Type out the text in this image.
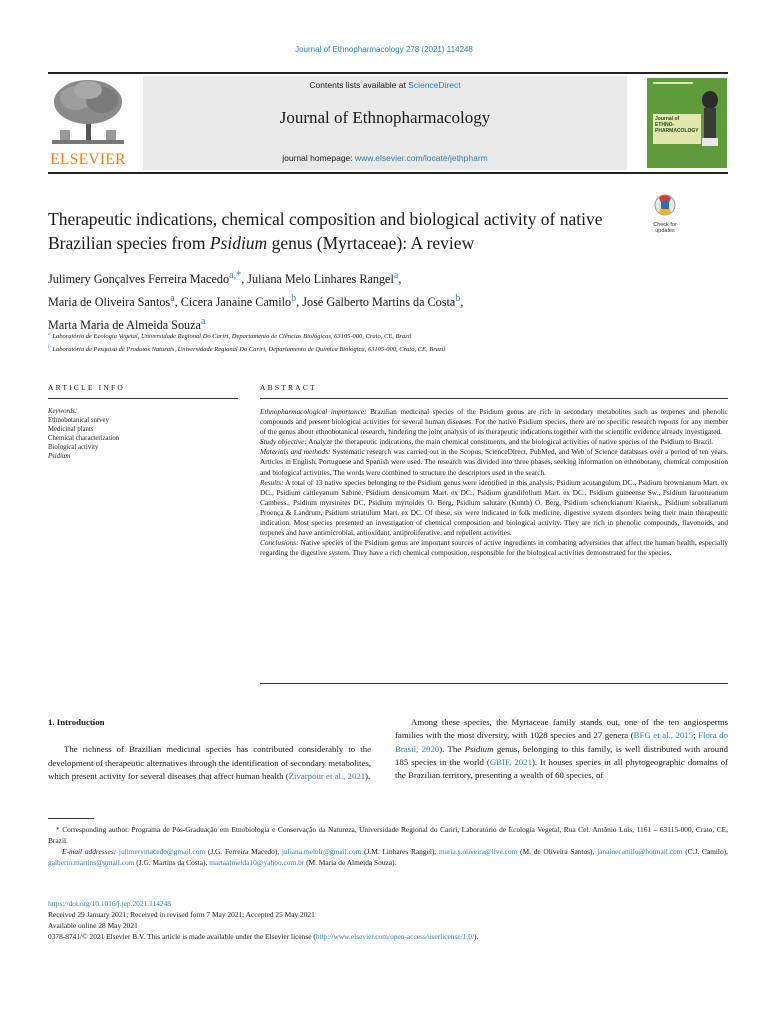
Journal of Ethnopharmacology 278 (2021) 114248
ELSEVIER
Contents lists available at ScienceDirect
Journal of Ethnopharmacology
journal homepage: www.elsevier.com/locate/jethpharm
Journal of
ETHNO-
PHARMACOLOGY
Therapeutic indications, chemical composition and biological activity of native Brazilian species from Psidium genus (Myrtaceae): A review
Check for
updates
Julimery Gonçalves Ferreira Macedo$^{a,*}$, Juliana Melo Linhares Rangel$^a$,
Maria de Oliveira Santos$^a$, Cicera Janaine Camilo$^b$, José Galberto Martins da Costa$^b$,
Marta Maria de Almeida Souza$^a$
$^a$ Laboratório de Ecologia Vegetal, Universidade Regional Do Cariri, Departamento de Ciências Biológicas, 63105-000, Crato, CE, Brazil
$^b$ Laboratório de Pesquisa de Produtos Naturais, Universidade Regional Do Cariri, Departamento de Química Biológica, 63105-000, Crato, CE, Brazil
ARTICLE INFO	ABSTRACT
Keywords:
Ethnobotanical survey
Medicinal plants
Chemical characterization
Biological activity
Psidium

Ethnopharmacological importance: Brazilian medicinal species of the Psidium genus are rich in secondary metabolites such as terpenes and phenolic compounds and present biological activities for several human diseases. For the native Psidium species, there are no specific research reports for any member of the genus about ethnobotanical research, hindering the joint analysis of its therapeutic indications together with the scientific evidence already investigated.

Study objective: Analyze the therapeutic indications, the main chemical constituents, and the biological activities of native species of the Psidium to Brazil.

Materials and methods: Systematic research was carried out in the Scopus, ScienceDirect, PubMed, and Web of Science databases over a period of ten years. Articles in English, Portuguese and Spanish were used. The research was divided into three phases, seeking information on ethnobotany, chemical composition and biological activities. The words were combined to structure the descriptors used in the search.

Results: A total of 13 native species belonging to the Psidium genus were identified in this analysis, Psidium acutangulum DC., Psidium brownianum Mart. ex DC., Psidium cattleyanum Sabine, Psidium densicomum Mart. ex DC., Psidium grandifolium Mart. ex DC., Psidium guineense Sw., Psidium laruotteanum Cambess., Psidium myrsinites DC, Psidium myrtoides O. Berg, Psidium salutare (Kunth) O. Berg, Psidium schenckianum Kiaersk., Psidium sobralianum Proença & Landrum, Psidium striatulum Mart. ex DC. Of these, six were indicated in folk medicine, digestive system disorders being their main therapeutic indication. Most species presented an investigation of chemical composition and biological activity. They are rich in phenolic compounds, flavonoids, and terpenes and have antimicrobial, antioxidant, antiproliferative, and repellent activities.

Conclusions: Native species of the Psidium genus are important sources of active ingredients in combating adversities that affect the human health, especially regarding the digestive system. They have a rich chemical composition, responsible for the biological activities demonstrated for the species.

1. Introduction

The richness of Brazilian medicinal species has contributed considerably to the development of therapeutic alternatives through the identification of secondary metabolites, which present activity for several diseases that affect human health (Zivarpour et al., 2021).

Among these species, the Myrtaceae family stands out, one of the ten angiosperms families with the most diversity, with 1028 species and 27 genera (BFG et al., 2015; Flora do Brasil, 2020). The Psidium genus, belonging to this family, is well distributed with around 185 species in the world (GBIF, 2021). It houses species in all phytogeographic domains of the Brazilian territory, presenting a wealth of 60 species, of

* Corresponding author. Programa de Pós-Graduação em Etnobiologia e Conservação da Natureza, Universidade Regional do Cariri, Laboratório de Ecologia Vegetal, Rua Cel. Antônio Luís, 1161 – 63115-000, Crato, CE, Brazil.

E-mail addresses: julimerymacedo@gmail.com (J.G. Ferreira Macedo), juliana.melolr@gmail.com (J.M. Linhares Rangel), maria.s.oliveira@live.com (M. de Oliveira Santos), janainecamilo@hotmail.com (C.J. Camilo), galberto.martins@gmail.com (J.G. Martins da Costa), martaalmeida10@yahoo.com.br (M. Maria de Almeida Souza).

https://doi.org/10.1016/j.jep.2021.114248

Received 29 January 2021; Received in revised form 7 May 2021; Accepted 25 May 2021

Available online 28 May 2021

0378-8741/© 2021 Elsevier B.V. This article is made available under the Elsevier license (http://www.elsevier.com/open-access/userlicense/1.0/).
